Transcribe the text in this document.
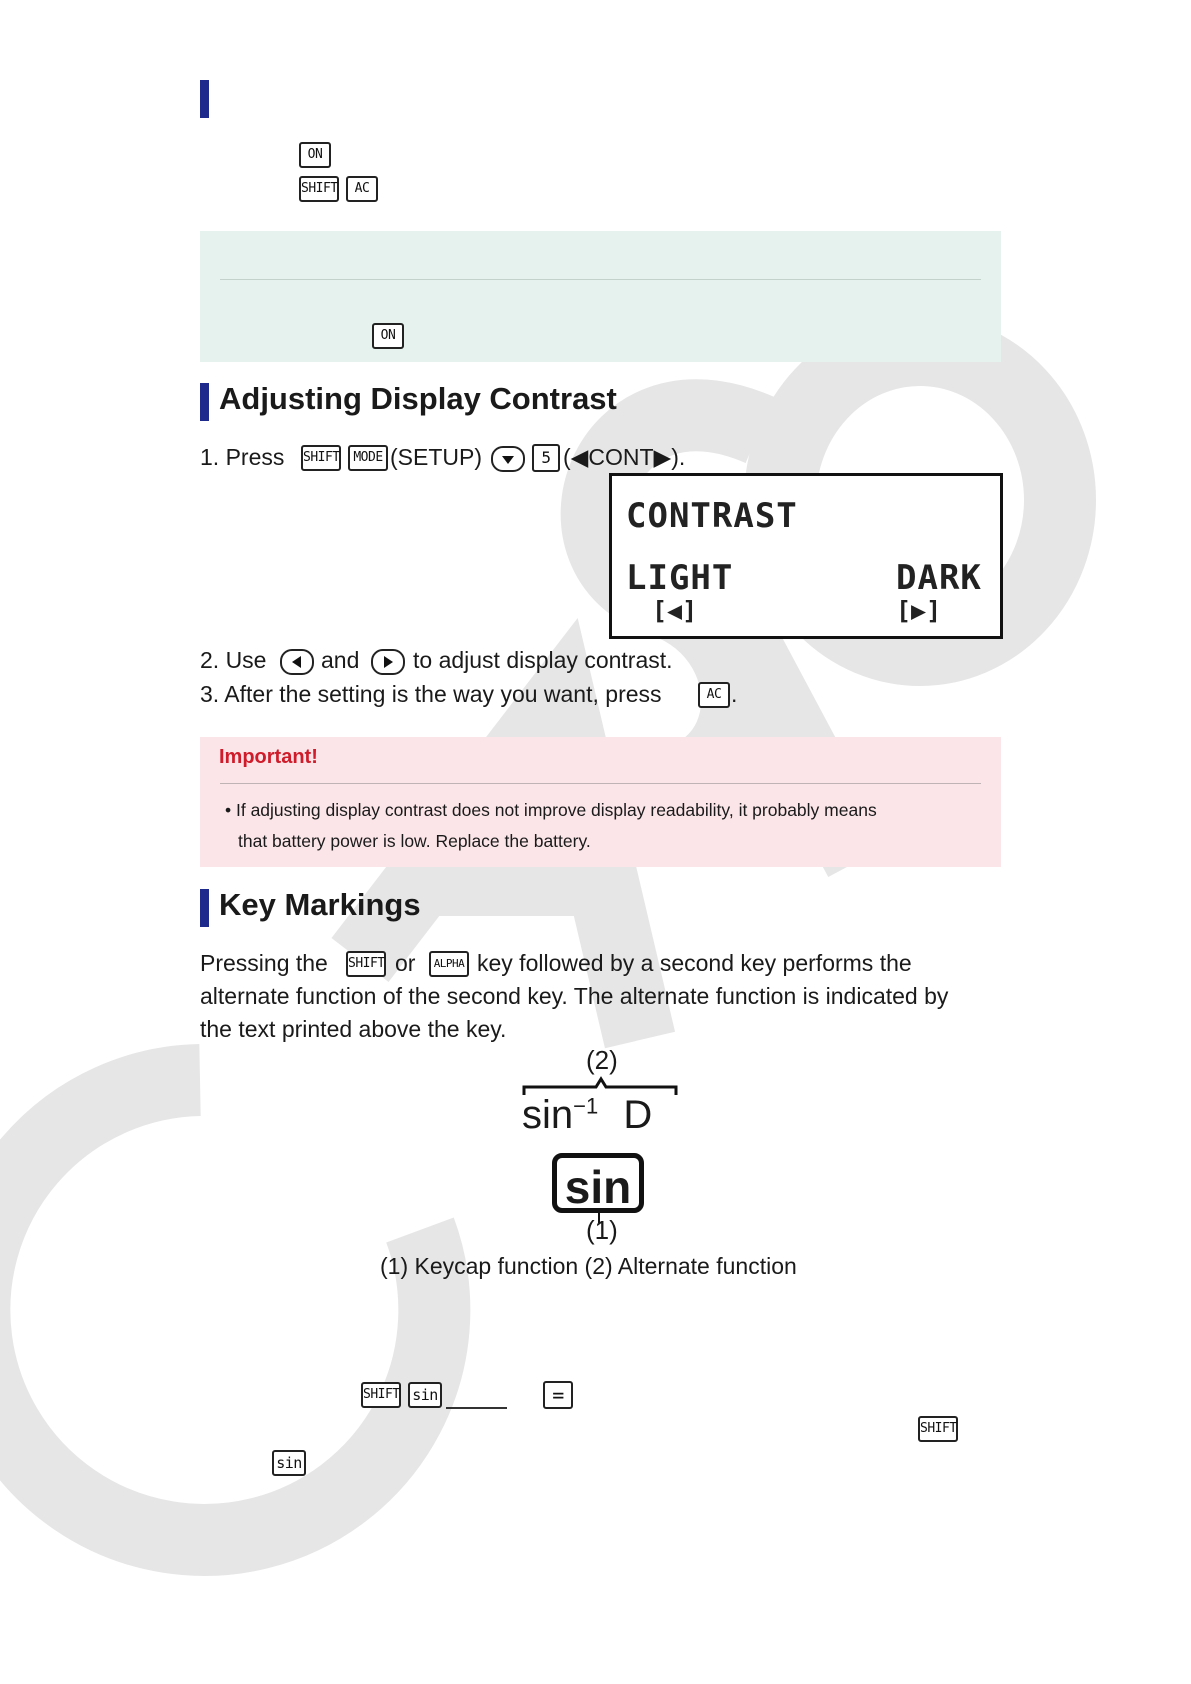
ON
SHIFT	AC
ON
Adjusting Display Contrast
1. Press SHIFT	MODE (SETUP)	5 (◀CONT▶).
CONTRAST
LIGHT	DARK
[◀]	[▶]
2. Use and to adjust display contrast.
3. After the setting is the way you want, press	AC .
Important!
• If adjusting display contrast does not improve display readability, it probably means
that battery power is low. Replace the battery.
Key Markings
Pressing the SHIFT or	ALPHA key followed by a second key performs the
alternate function of the second key. The alternate function is indicated by
the text printed above the key.
(2)
$\sin^{-1} D$
sin
(1)
(1) Keycap function (2) Alternate function
SHIFT sin	=
SHIFT
sin
